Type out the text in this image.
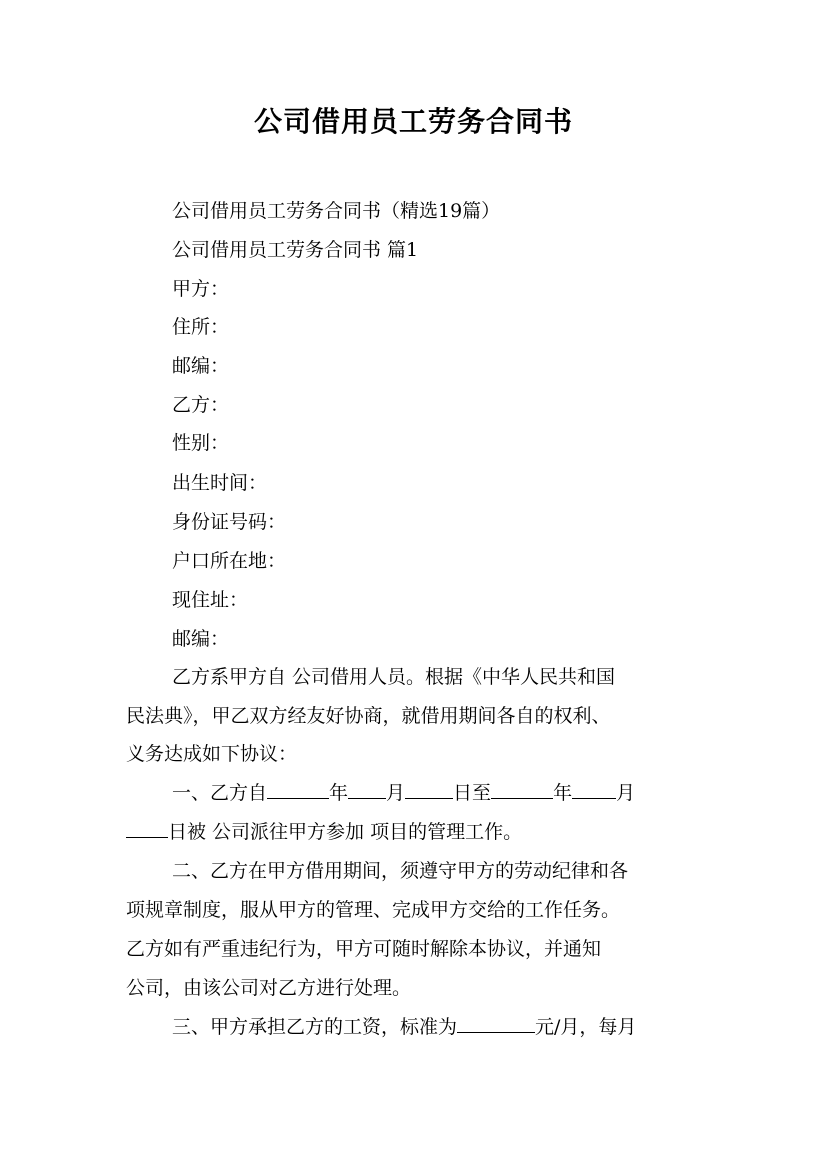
公司借用员工劳务合同书

公司借用员工劳务合同书（精选19篇）

公司借用员工劳务合同书 篇1

甲方：

住所：

邮编：

乙方：

性别：

出生时间：

身份证号码：

户口所在地：

现住址：

邮编：

乙方系甲方自 公司借用人员。根据《中华人民共和国

民法典》，甲乙双方经友好协商，就借用期间各自的权利、

义务达成如下协议：

一、乙方自	年 月	日至	年 月

日被 公司派往甲方参加 项目的管理工作。

二、乙方在甲方借用期间，须遵守甲方的劳动纪律和各

项规章制度，服从甲方的管理、完成甲方交给的工作任务。

乙方如有严重违纪行为，甲方可随时解除本协议，并通知

公司，由该公司对乙方进行处理。

三、甲方承担乙方的工资，标准为	元/月，每月
